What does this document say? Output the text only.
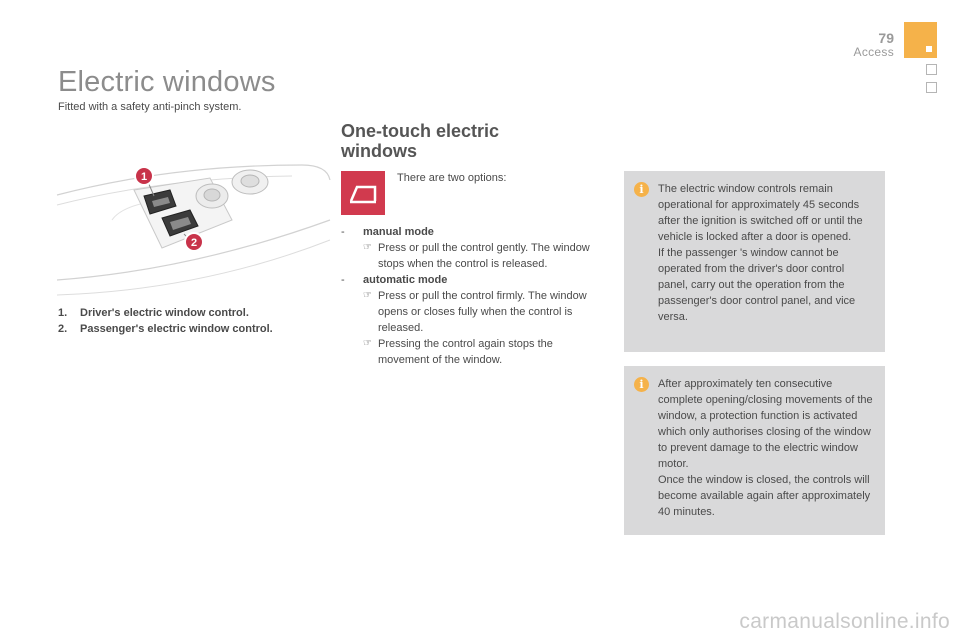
79
Access
Electric windows
Fitted with a safety anti-pinch system.
1
2
1. Driver's electric window control.
2. Passenger's electric window control.
One-touch electric
windows
There are two options:
- manual mode
☞ Press or pull the control gently. The window stops when the control is released.
- automatic mode
☞ Press or pull the control firmly. The window opens or closes fully when the control is released.
☞ Pressing the control again stops the movement of the window.
i	The electric window controls remain operational for approximately 45 seconds after the ignition is switched off or until the vehicle is locked after a door is opened.

If the passenger 's window cannot be operated from the driver's door control panel, carry out the operation from the passenger's door control panel, and vice versa.

i	After approximately ten consecutive complete opening/closing movements of the window, a protection function is activated which only authorises closing of the window to prevent damage to the electric window motor.

Once the window is closed, the controls will become available again after approximately 40 minutes.

carmanualsonline.info
